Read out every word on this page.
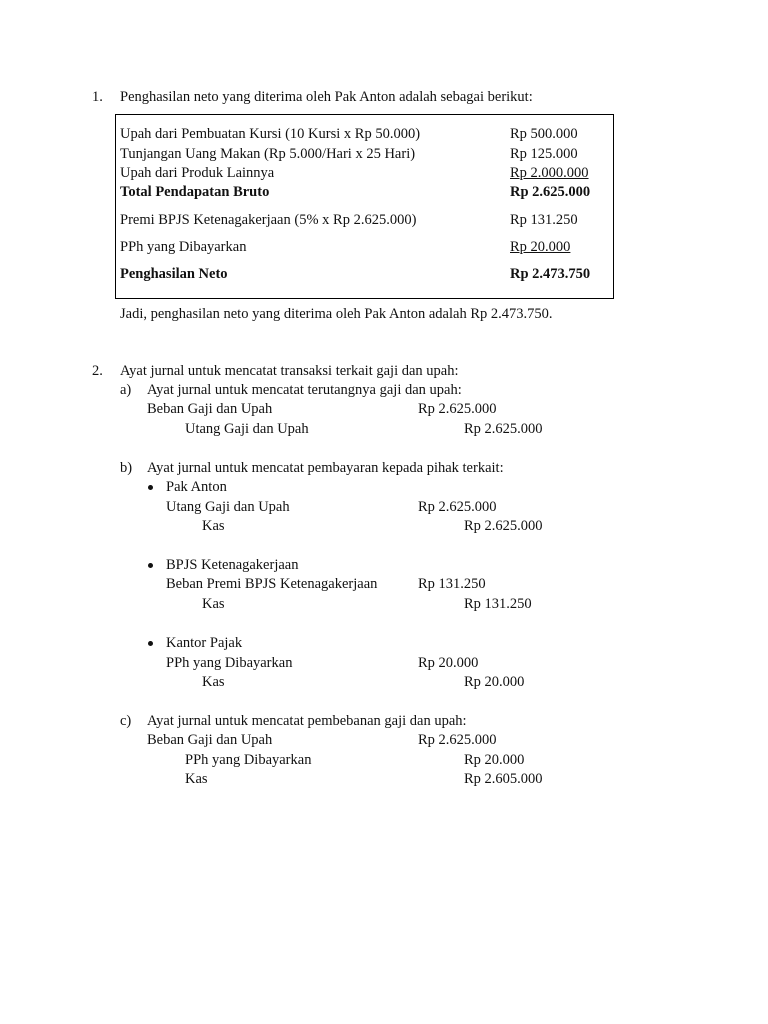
1. Penghasilan neto yang diterima oleh Pak Anton adalah sebagai berikut:
Upah dari Pembuatan Kursi (10 Kursi x Rp 50.000)	Rp 500.000
Tunjangan Uang Makan (Rp 5.000/Hari x 25 Hari)	Rp 125.000
Upah dari Produk Lainnya	Rp 2.000.000
Total Pendapatan Bruto	Rp 2.625.000
Premi BPJS Ketenagakerjaan (5% x Rp 2.625.000)	Rp 131.250
PPh yang Dibayarkan	Rp 20.000
Penghasilan Neto	Rp 2.473.750
Jadi, penghasilan neto yang diterima oleh Pak Anton adalah Rp 2.473.750.
2. Ayat jurnal untuk mencatat transaksi terkait gaji dan upah:
a) Ayat jurnal untuk mencatat terutangnya gaji dan upah:
Beban Gaji dan Upah	Rp 2.625.000
Utang Gaji dan Upah	Rp 2.625.000
b) Ayat jurnal untuk mencatat pembayaran kepada pihak terkait:
Pak Anton
Utang Gaji dan Upah	Rp 2.625.000
Kas	Rp 2.625.000
BPJS Ketenagakerjaan
Beban Premi BPJS Ketenagakerjaan	Rp 131.250
Kas	Rp 131.250
Kantor Pajak
PPh yang Dibayarkan	Rp 20.000
Kas	Rp 20.000
c) Ayat jurnal untuk mencatat pembebanan gaji dan upah:
Beban Gaji dan Upah	Rp 2.625.000
PPh yang Dibayarkan	Rp 20.000
Kas	Rp 2.605.000
